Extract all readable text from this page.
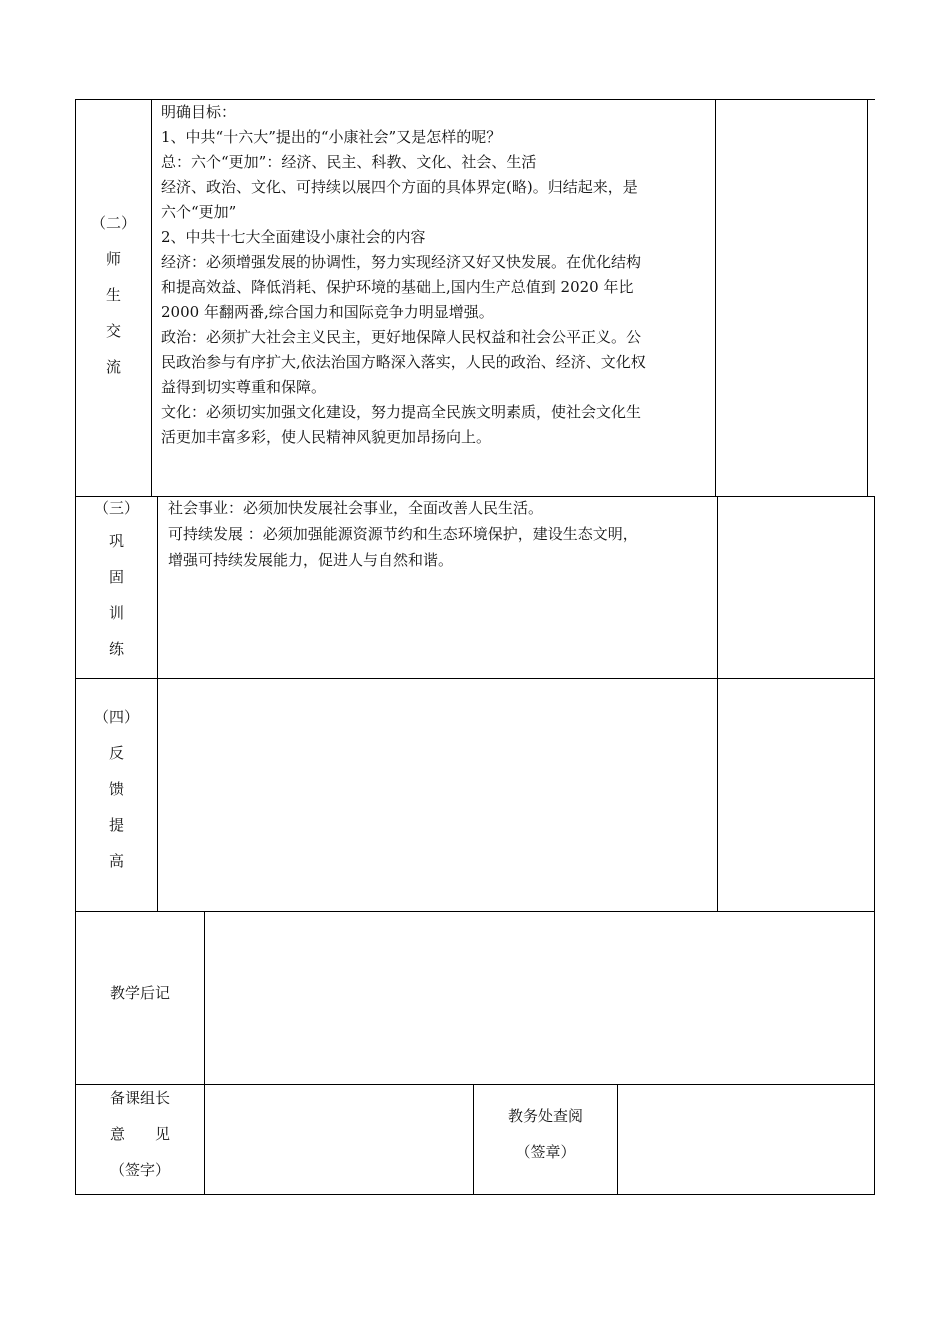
（二）
师
生
交
流
明确目标：
1、中共“十六大”提出的“小康社会”又是怎样的呢？
总：六个“更加”：经济、民主、科教、文化、社会、生活
经济、政治、文化、可持续以展四个方面的具体界定(略)。归结起来，是
六个“更加”
2、中共十七大全面建设小康社会的内容
经济：必须增强发展的协调性，努力实现经济又好又快发展。在优化结构
和提高效益、降低消耗、保护环境的基础上,国内生产总值到 2020 年比
2000 年翻两番,综合国力和国际竞争力明显增强。
政治：必须扩大社会主义民主，更好地保障人民权益和社会公平正义。公
民政治参与有序扩大,依法治国方略深入落实，人民的政治、经济、文化权
益得到切实尊重和保障。
文化：必须切实加强文化建设，努力提高全民族文明素质，使社会文化生
活更加丰富多彩，使人民精神风貌更加昂扬向上。
（三）
巩
固
训
练
社会事业：必须加快发展社会事业，全面改善人民生活。
可持续发展 ：必须加强能源资源节约和生态环境保护，建设生态文明，
增强可持续发展能力，促进人与自然和谐。
（四）
反
馈
提
高
教学后记
备课组长
意　　见
（签字）
教务处查阅
（签章）
